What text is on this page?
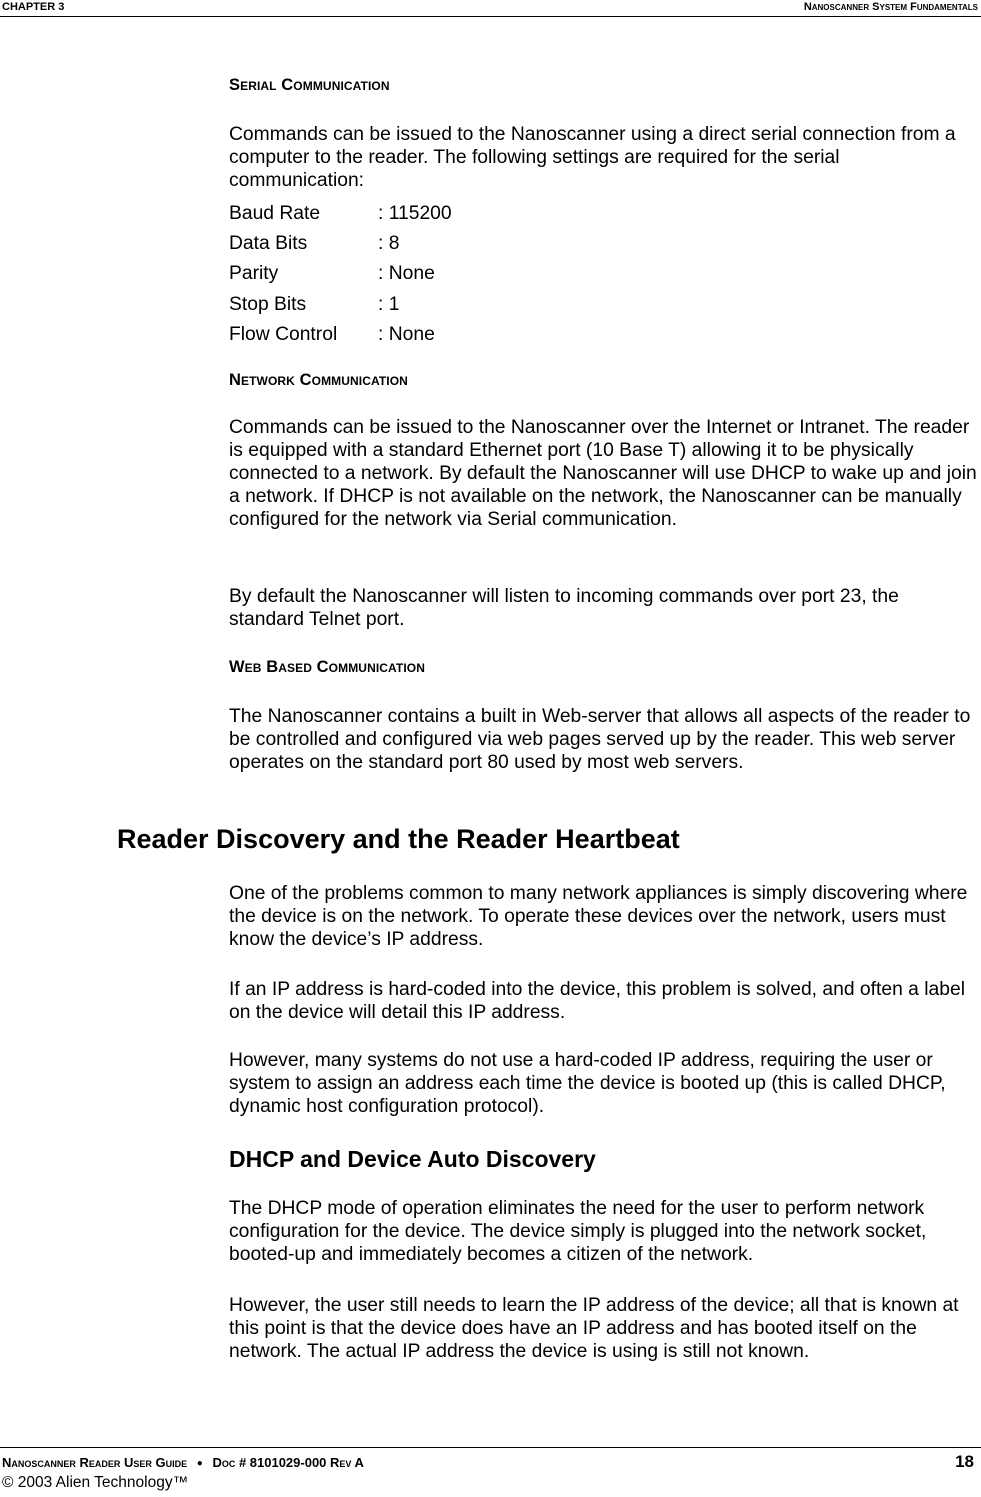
CHAPTER 3	Nanoscanner System Fundamentals
Serial Communication

Commands can be issued to the Nanoscanner using a direct serial connection from a computer to the reader. The following settings are required for the serial communication:

Baud Rate	: 115200
Data Bits	: 8
Parity	: None
Stop Bits	: 1
Flow Control	: None
Network Communication

Commands can be issued to the Nanoscanner over the Internet or Intranet. The reader is equipped with a standard Ethernet port (10 Base T) allowing it to be physically connected to a network. By default the Nanoscanner will use DHCP to wake up and join a network. If DHCP is not available on the network, the Nanoscanner can be manually configured for the network via Serial communication.

By default the Nanoscanner will listen to incoming commands over port 23, the standard Telnet port.

Web Based Communication

The Nanoscanner contains a built in Web-server that allows all aspects of the reader to be controlled and configured via web pages served up by the reader. This web server operates on the standard port 80 used by most web servers.

Reader Discovery and the Reader Heartbeat

One of the problems common to many network appliances is simply discovering where the device is on the network. To operate these devices over the network, users must know the device’s IP address.

If an IP address is hard-coded into the device, this problem is solved, and often a label on the device will detail this IP address.

However, many systems do not use a hard-coded IP address, requiring the user or system to assign an address each time the device is booted up (this is called DHCP, dynamic host configuration protocol).

DHCP and Device Auto Discovery

The DHCP mode of operation eliminates the need for the user to perform network configuration for the device. The device simply is plugged into the network socket, booted-up and immediately becomes a citizen of the network.

However, the user still needs to learn the IP address of the device; all that is known at this point is that the device does have an IP address and has booted itself on the network. The actual IP address the device is using is still not known.

Nanoscanner Reader User Guide ● Doc # 8101029-000 Rev A	18
© 2003 Alien Technology™
